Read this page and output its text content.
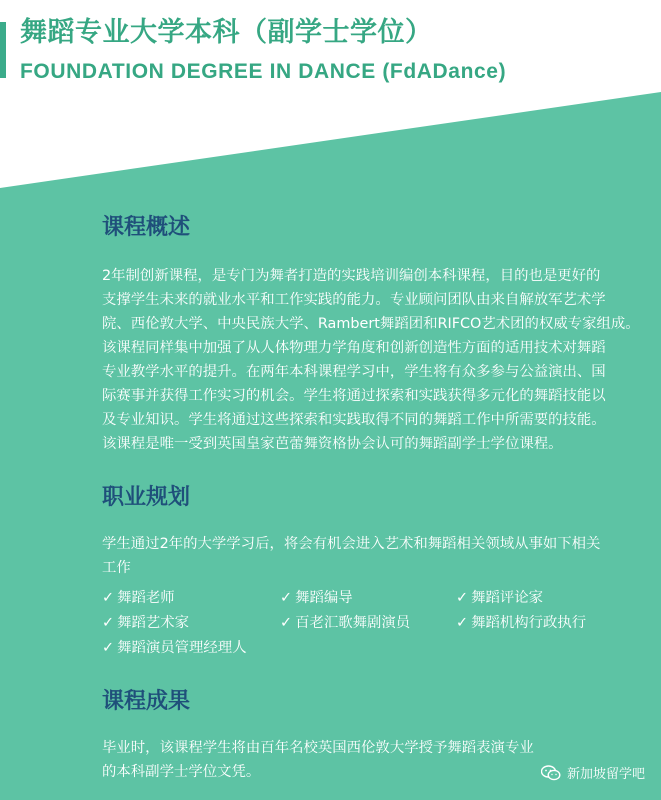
舞蹈专业大学本科（副学士学位）
FOUNDATION DEGREE IN DANCE (FdADance)
课程概述
2年制创新课程，是专门为舞者打造的实践培训编创本科课程，目的也是更好的
支撑学生未来的就业水平和工作实践的能力。专业顾问团队由来自解放军艺术学
院、西伦敦大学、中央民族大学、Rambert舞蹈团和RIFCO艺术团的权威专家组成。
该课程同样集中加强了从人体物理力学角度和创新创造性方面的适用技术对舞蹈
专业教学水平的提升。在两年本科课程学习中，学生将有众多参与公益演出、国
际赛事并获得工作实习的机会。学生将通过探索和实践获得多元化的舞蹈技能以
及专业知识。学生将通过这些探索和实践取得不同的舞蹈工作中所需要的技能。
该课程是唯一受到英国皇家芭蕾舞资格协会认可的舞蹈副学士学位课程。
职业规划
学生通过2年的大学学习后，将会有机会进入艺术和舞蹈相关领域从事如下相关
工作
✓ 舞蹈老师	✓ 舞蹈编导	✓ 舞蹈评论家
✓ 舞蹈艺术家	✓ 百老汇歌舞剧演员	✓ 舞蹈机构行政执行
✓ 舞蹈演员管理经理人
课程成果
毕业时，该课程学生将由百年名校英国西伦敦大学授予舞蹈表演专业
的本科副学士学位文凭。	新加坡留学吧
